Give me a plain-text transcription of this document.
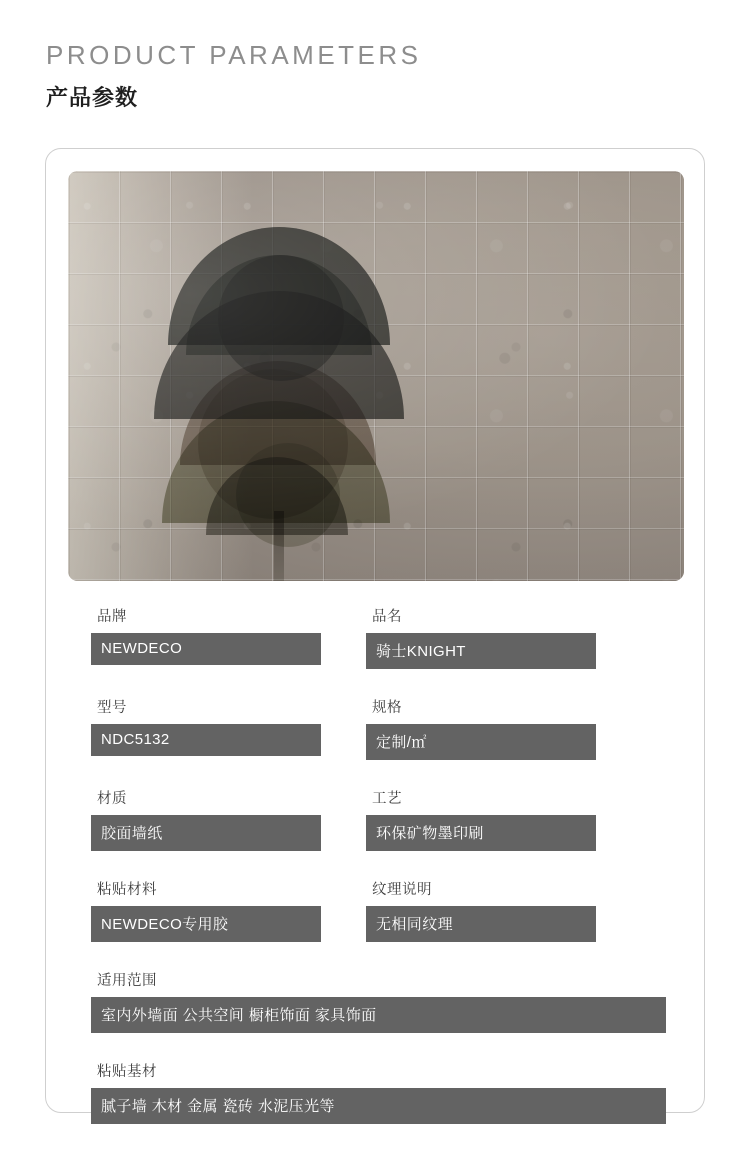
PRODUCT PARAMETERS
产品参数
品牌
NEWDECO
品名
骑士KNIGHT
型号
NDC5132
规格
定制/㎡
材质
胶面墙纸
工艺
环保矿物墨印刷
粘贴材料
NEWDECO专用胶
纹理说明
无相同纹理
适用范围
室内外墙面 公共空间 橱柜饰面 家具饰面
粘贴基材
腻子墙 木材 金属 瓷砖 水泥压光等
